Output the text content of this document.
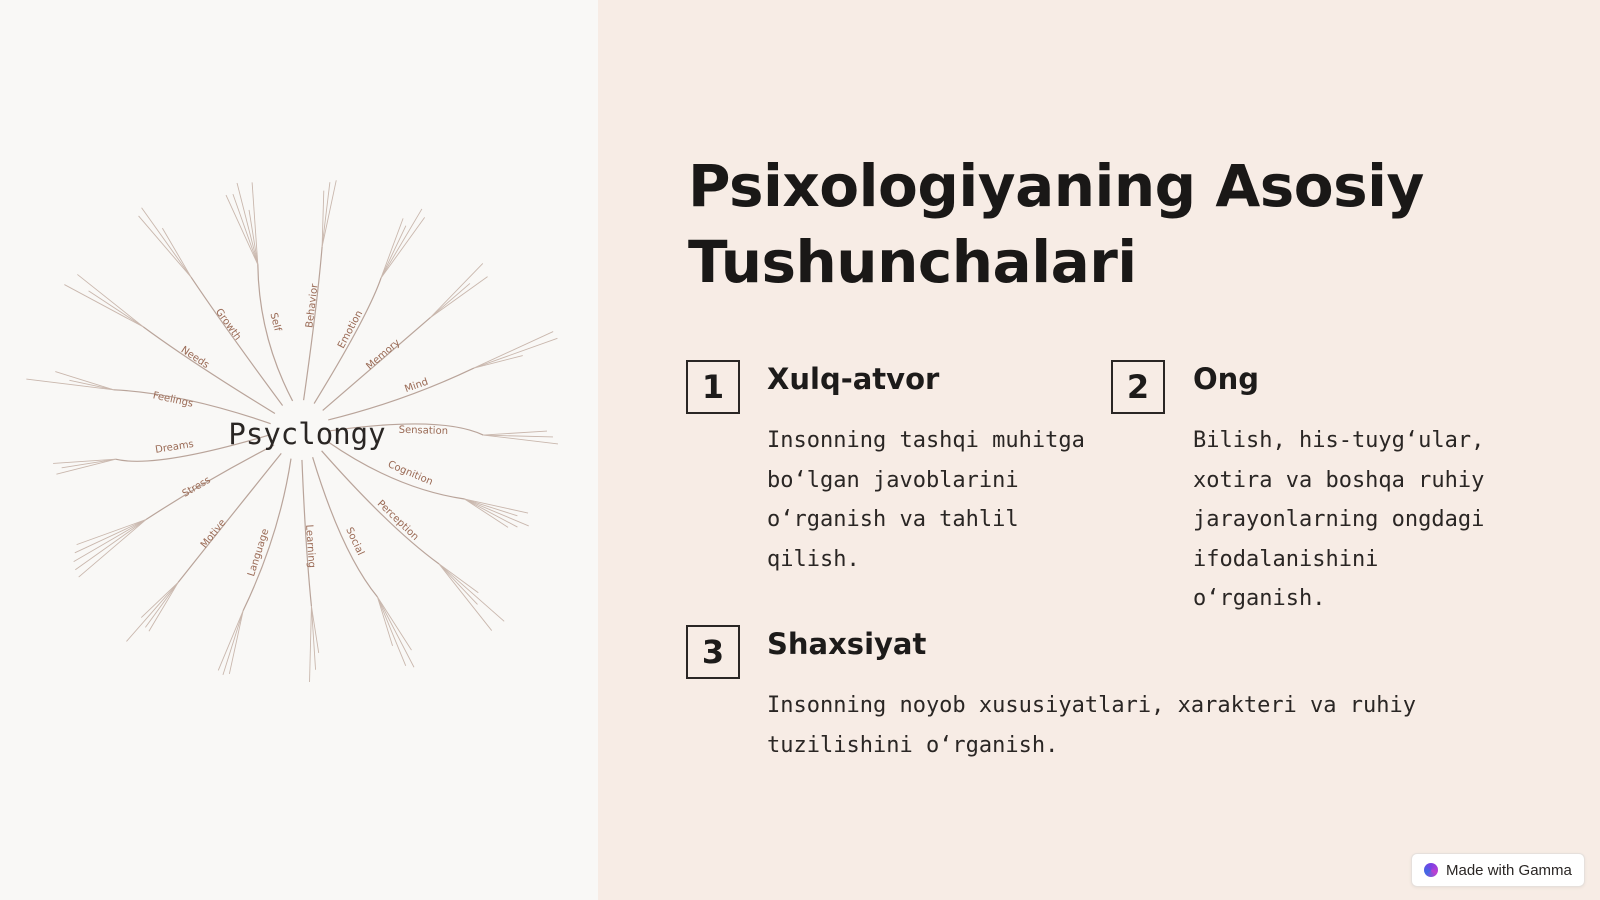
Behavior
Emotion
Memory
Mind
Sensation
Cognition
Perception
Social
Learning
Language
Motive
Stress
Dreams
Feelings
Needs
Growth Self
Psyclongy
Psixologiyaning Asosiy Tushunchalari
1	Xulq-atvor

Insonning tashqi muhitga bo‘lgan javoblarini o‘rganish va tahlil qilish.

2	Ong

Bilish, his-tuyg‘ular, xotira va boshqa ruhiy jarayonlarning ongdagi ifodalanishini o‘rganish.

3	Shaxsiyat

Insonning noyob xususiyatlari, xarakteri va ruhiy tuzilishini o‘rganish.

Made with Gamma
